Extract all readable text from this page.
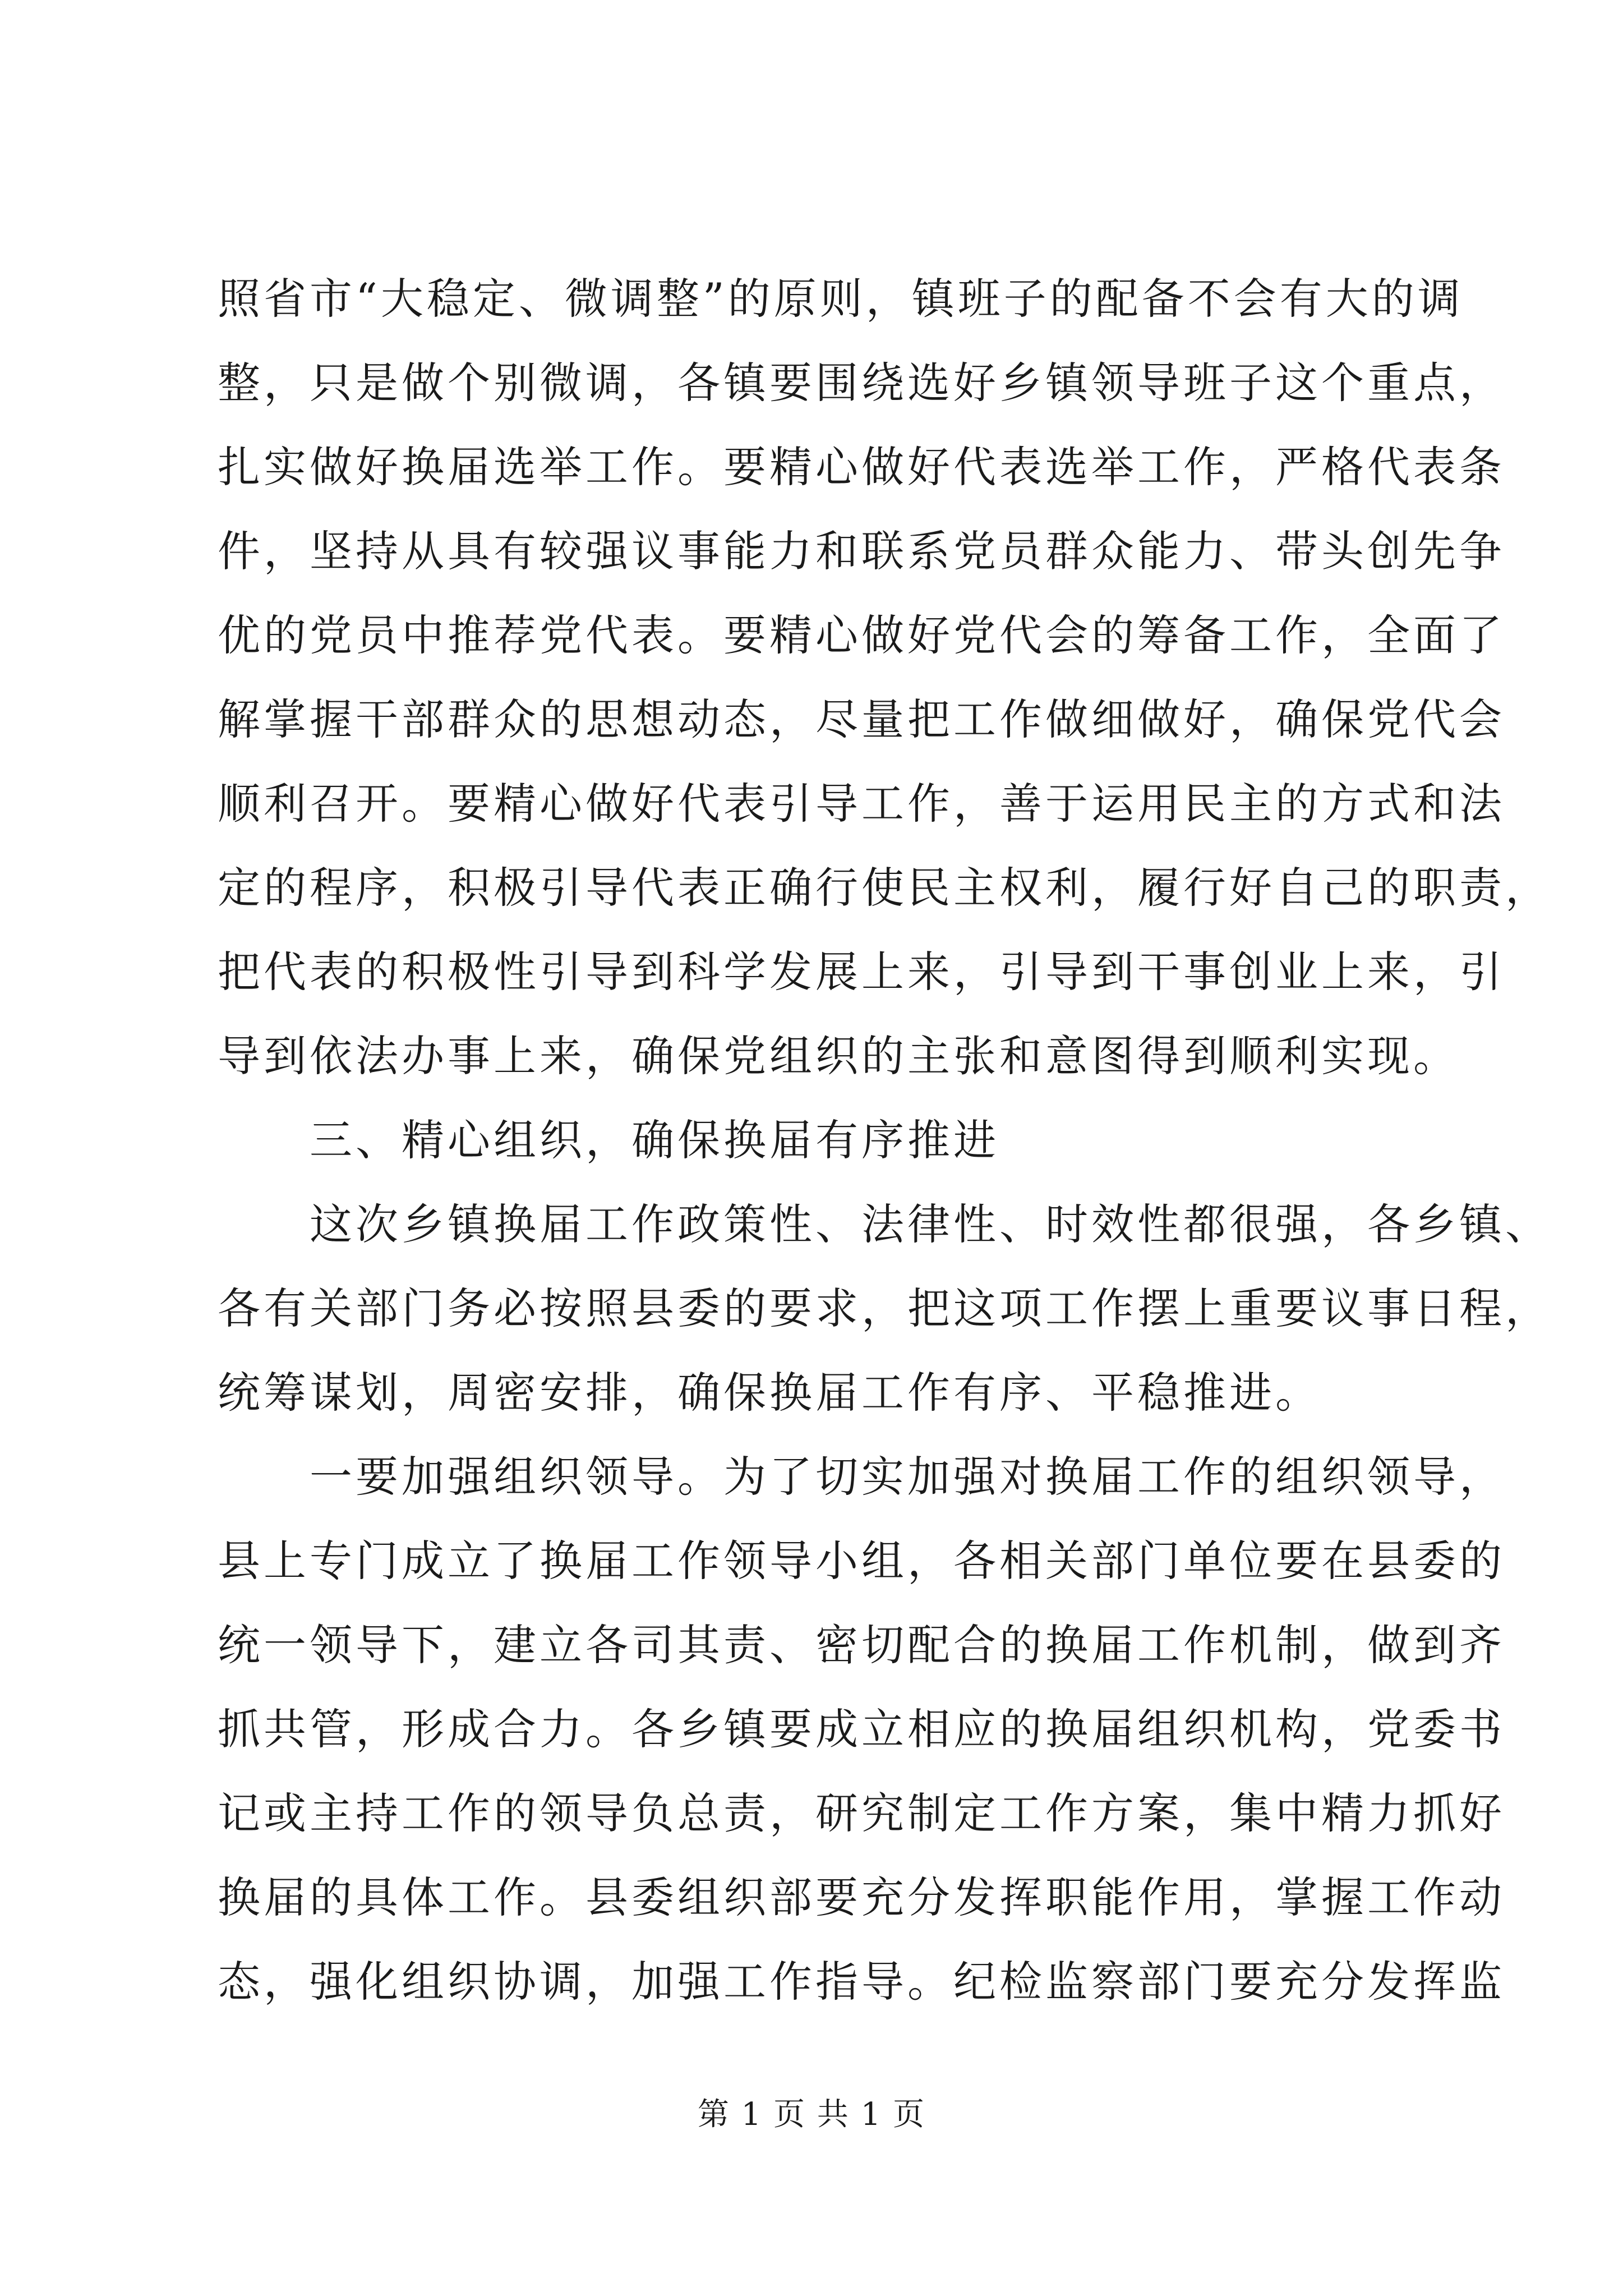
照省市“大稳定、微调整”的原则，镇班子的配备不会有大的调
整，只是做个别微调，各镇要围绕选好乡镇领导班子这个重点，
扎实做好换届选举工作。要精心做好代表选举工作，严格代表条
件，坚持从具有较强议事能力和联系党员群众能力、带头创先争
优的党员中推荐党代表。要精心做好党代会的筹备工作，全面了
解掌握干部群众的思想动态，尽量把工作做细做好，确保党代会
顺利召开。要精心做好代表引导工作，善于运用民主的方式和法
定的程序，积极引导代表正确行使民主权利，履行好自己的职责，
把代表的积极性引导到科学发展上来，引导到干事创业上来，引
导到依法办事上来，确保党组织的主张和意图得到顺利实现。
三、精心组织，确保换届有序推进
这次乡镇换届工作政策性、法律性、时效性都很强，各乡镇、
各有关部门务必按照县委的要求，把这项工作摆上重要议事日程，
统筹谋划，周密安排，确保换届工作有序、平稳推进。
一要加强组织领导。为了切实加强对换届工作的组织领导，
县上专门成立了换届工作领导小组，各相关部门单位要在县委的
统一领导下，建立各司其责、密切配合的换届工作机制，做到齐
抓共管，形成合力。各乡镇要成立相应的换届组织机构，党委书
记或主持工作的领导负总责，研究制定工作方案，集中精力抓好
换届的具体工作。县委组织部要充分发挥职能作用，掌握工作动
态，强化组织协调，加强工作指导。纪检监察部门要充分发挥监
第 1 页 共 1 页
